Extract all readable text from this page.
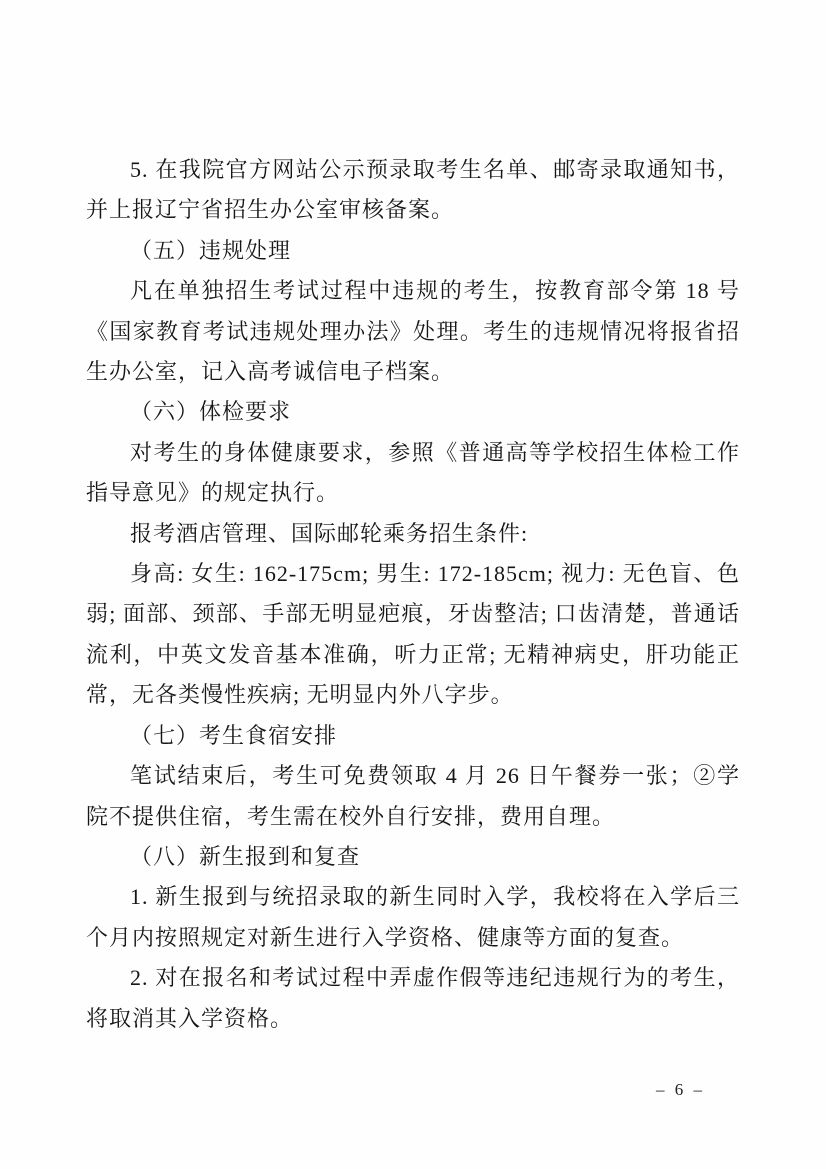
5. 在我院官方网站公示预录取考生名单、邮寄录取通知书，并上报辽宁省招生办公室审核备案。

（五）违规处理

凡在单独招生考试过程中违规的考生，按教育部令第 18 号《国家教育考试违规处理办法》处理。考生的违规情况将报省招生办公室，记入高考诚信电子档案。

（六）体检要求

对考生的身体健康要求，参照《普通高等学校招生体检工作指导意见》的规定执行。

报考酒店管理、国际邮轮乘务招生条件:

身高: 女生: 162-175cm; 男生: 172-185cm; 视力: 无色盲、色弱; 面部、颈部、手部无明显疤痕，牙齿整洁; 口齿清楚，普通话流利，中英文发音基本准确，听力正常; 无精神病史，肝功能正常，无各类慢性疾病; 无明显内外八字步。

（七）考生食宿安排

笔试结束后，考生可免费领取 4 月 26 日午餐券一张；②学院不提供住宿，考生需在校外自行安排，费用自理。

（八）新生报到和复查

1. 新生报到与统招录取的新生同时入学，我校将在入学后三个月内按照规定对新生进行入学资格、健康等方面的复查。

2. 对在报名和考试过程中弄虚作假等违纪违规行为的考生，将取消其入学资格。

– 6 –
